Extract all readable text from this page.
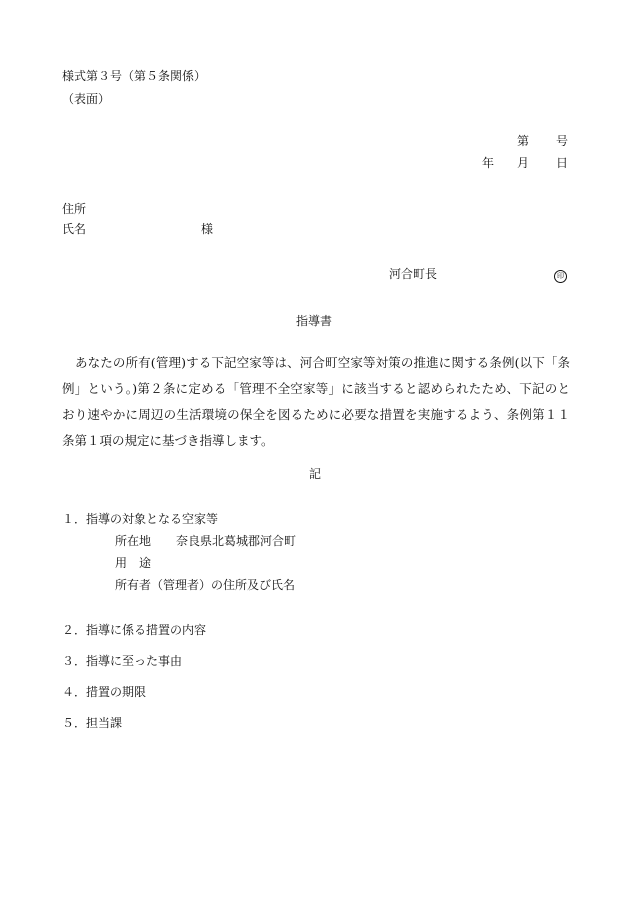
様式第３号（第５条関係）
（表面）
第 号
年 月 日
住所
氏名	様
河合町長	印
指導書
あなたの所有(管理)する下記空家等は、河合町空家等対策の推進に関する条例(以下「条例」という。)第２条に定める「管理不全空家等」に該当すると認められたため、下記のとおり速やかに周辺の生活環境の保全を図るために必要な措置を実施するよう、条例第１１条第１項の規定に基づき指導します。
記
１． 指導の対象となる空家等
所在地 奈良県北葛城郡河合町
用　途
所有者（管理者）の住所及び氏名
２． 指導に係る措置の内容
３． 指導に至った事由
４． 措置の期限
５． 担当課
